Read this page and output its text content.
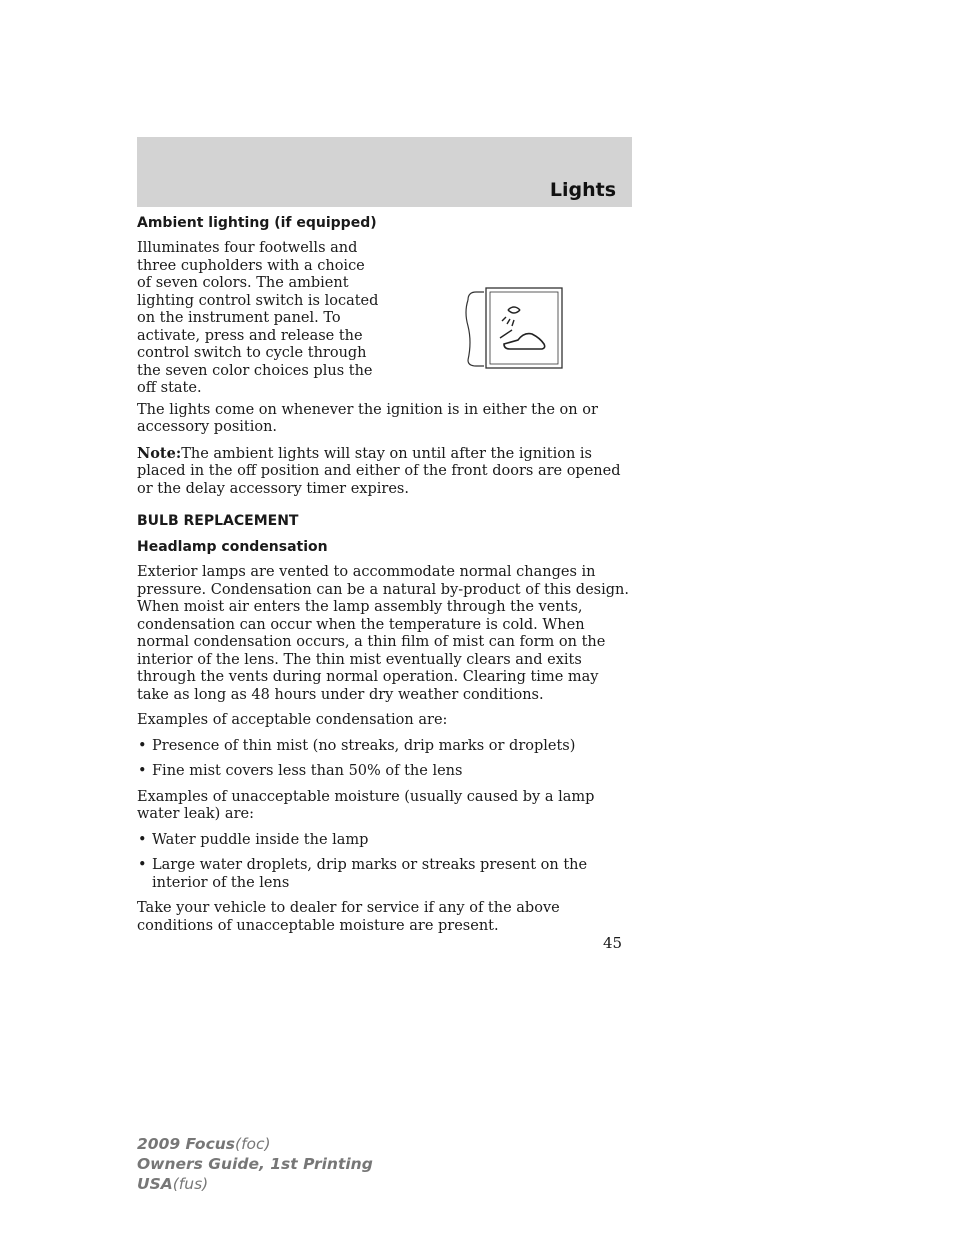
Lights
Ambient lighting (if equipped)

Illuminates four footwells and three cupholders with a choice of seven colors. The ambient lighting control switch is located on the instrument panel. To activate, press and release the control switch to cycle through the seven color choices plus the off state.

The lights come on whenever the ignition is in either the on or accessory position.

Note:The ambient lights will stay on until after the ignition is placed in the off position and either of the front doors are opened or the delay accessory timer expires.

BULB REPLACEMENT
Headlamp condensation

Exterior lamps are vented to accommodate normal changes in pressure. Condensation can be a natural by-product of this design. When moist air enters the lamp assembly through the vents, condensation can occur when the temperature is cold. When normal condensation occurs, a thin film of mist can form on the interior of the lens. The thin mist eventually clears and exits through the vents during normal operation. Clearing time may take as long as 48 hours under dry weather conditions.

Examples of acceptable condensation are:

• Presence of thin mist (no streaks, drip marks or droplets)
• Fine mist covers less than 50% of the lens

Examples of unacceptable moisture (usually caused by a lamp water leak) are:

• Water puddle inside the lamp
• Large water droplets, drip marks or streaks present on the interior of the lens

Take your vehicle to dealer for service if any of the above conditions of unacceptable moisture are present.

45
2009 Focus(foc)
Owners Guide, 1st Printing
USA(fus)
